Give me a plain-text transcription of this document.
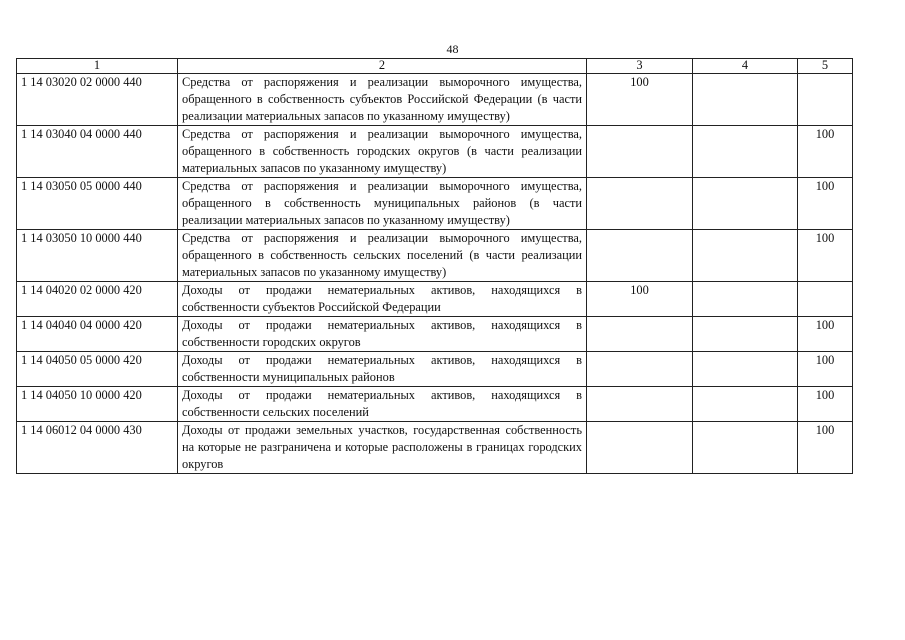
48
1	2	3	4	5
1 14 03020 02 0000 440	Средства от распоряжения и реализации выморочного имущества, обращенного в собственность субъектов Российской Федерации (в части реализации материальных запасов по указанному имуществу)	100		
1 14 03040 04 0000 440	Средства от распоряжения и реализации выморочного имущества, обращенного в собственность городских округов (в части реализации материальных запасов по указанному имуществу)			100
1 14 03050 05 0000 440	Средства от распоряжения и реализации выморочного имущества, обращенного в собственность муниципальных районов (в части реализации материальных запасов по указанному имуществу)			100
1 14 03050 10 0000 440	Средства от распоряжения и реализации выморочного имущества, обращенного в собственность сельских поселений (в части реализации материальных запасов по указанному имуществу)			100
1 14 04020 02 0000 420	Доходы от продажи нематериальных активов, находящихся в собственности субъектов Российской Федерации	100		
1 14 04040 04 0000 420	Доходы от продажи нематериальных активов, находящихся в собственности городских округов			100
1 14 04050 05 0000 420	Доходы от продажи нематериальных активов, находящихся в собственности муниципальных районов			100
1 14 04050 10 0000 420	Доходы от продажи нематериальных активов, находящихся в собственности сельских поселений			100
1 14 06012 04 0000 430	Доходы от продажи земельных участков, государственная собственность на которые не разграничена и которые расположены в границах городских округов			100
